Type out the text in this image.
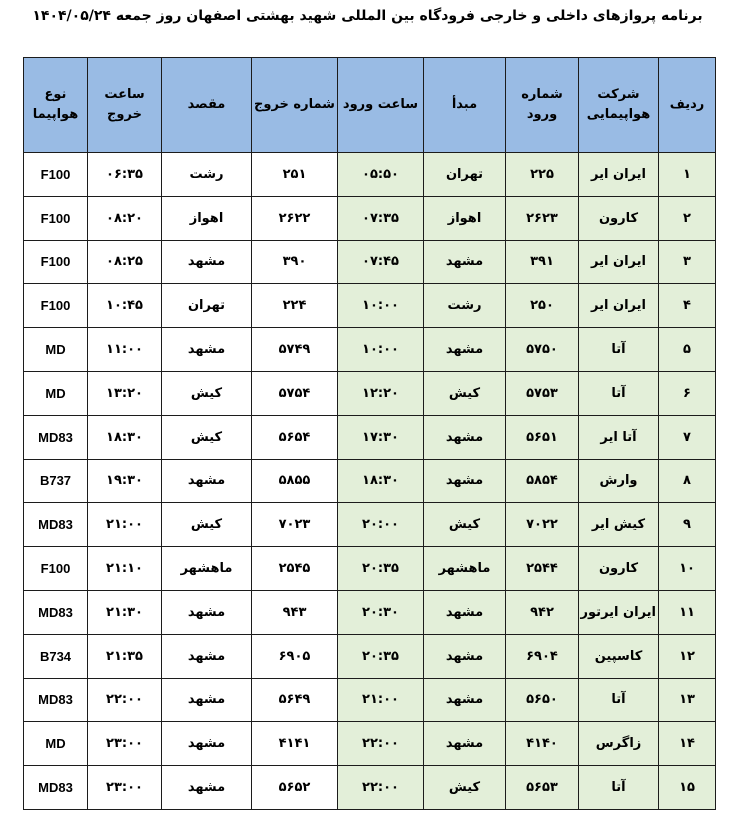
برنامه پروازهای داخلی و خارجی فرودگاه بین المللی شهید بهشتی اصفهان روز جمعه ۱۴۰۴/۰۵/۲۴
ردیف	شرکت هواپیمایی	شماره ورود	مبدأ	ساعت ورود	شماره خروج	مقصد	ساعت خروج	نوع هواپیما
۱	ایران ایر	۲۲۵	تهران	۰۵:۵۰	۲۵۱	رشت	۰۶:۳۵	F100
۲	کارون	۲۶۲۳	اهواز	۰۷:۳۵	۲۶۲۲	اهواز	۰۸:۲۰	F100
۳	ایران ایر	۳۹۱	مشهد	۰۷:۴۵	۳۹۰	مشهد	۰۸:۲۵	F100
۴	ایران ایر	۲۵۰	رشت	۱۰:۰۰	۲۲۴	تهران	۱۰:۴۵	F100
۵	آتا	۵۷۵۰	مشهد	۱۰:۰۰	۵۷۴۹	مشهد	۱۱:۰۰	MD
۶	آتا	۵۷۵۳	کیش	۱۲:۲۰	۵۷۵۴	کیش	۱۳:۲۰	MD
۷	آتا ایر	۵۶۵۱	مشهد	۱۷:۳۰	۵۶۵۴	کیش	۱۸:۳۰	MD83
۸	وارش	۵۸۵۴	مشهد	۱۸:۳۰	۵۸۵۵	مشهد	۱۹:۳۰	B737
۹	کیش ایر	۷۰۲۲	کیش	۲۰:۰۰	۷۰۲۳	کیش	۲۱:۰۰	MD83
۱۰	کارون	۲۵۴۴	ماهشهر	۲۰:۳۵	۲۵۴۵	ماهشهر	۲۱:۱۰	F100
۱۱	ایران ایرتور	۹۴۲	مشهد	۲۰:۳۰	۹۴۳	مشهد	۲۱:۳۰	MD83
۱۲	کاسپین	۶۹۰۴	مشهد	۲۰:۳۵	۶۹۰۵	مشهد	۲۱:۳۵	B734
۱۳	آتا	۵۶۵۰	مشهد	۲۱:۰۰	۵۶۴۹	مشهد	۲۲:۰۰	MD83
۱۴	زاگرس	۴۱۴۰	مشهد	۲۲:۰۰	۴۱۴۱	مشهد	۲۳:۰۰	MD
۱۵	آتا	۵۶۵۳	کیش	۲۲:۰۰	۵۶۵۲	مشهد	۲۳:۰۰	MD83
